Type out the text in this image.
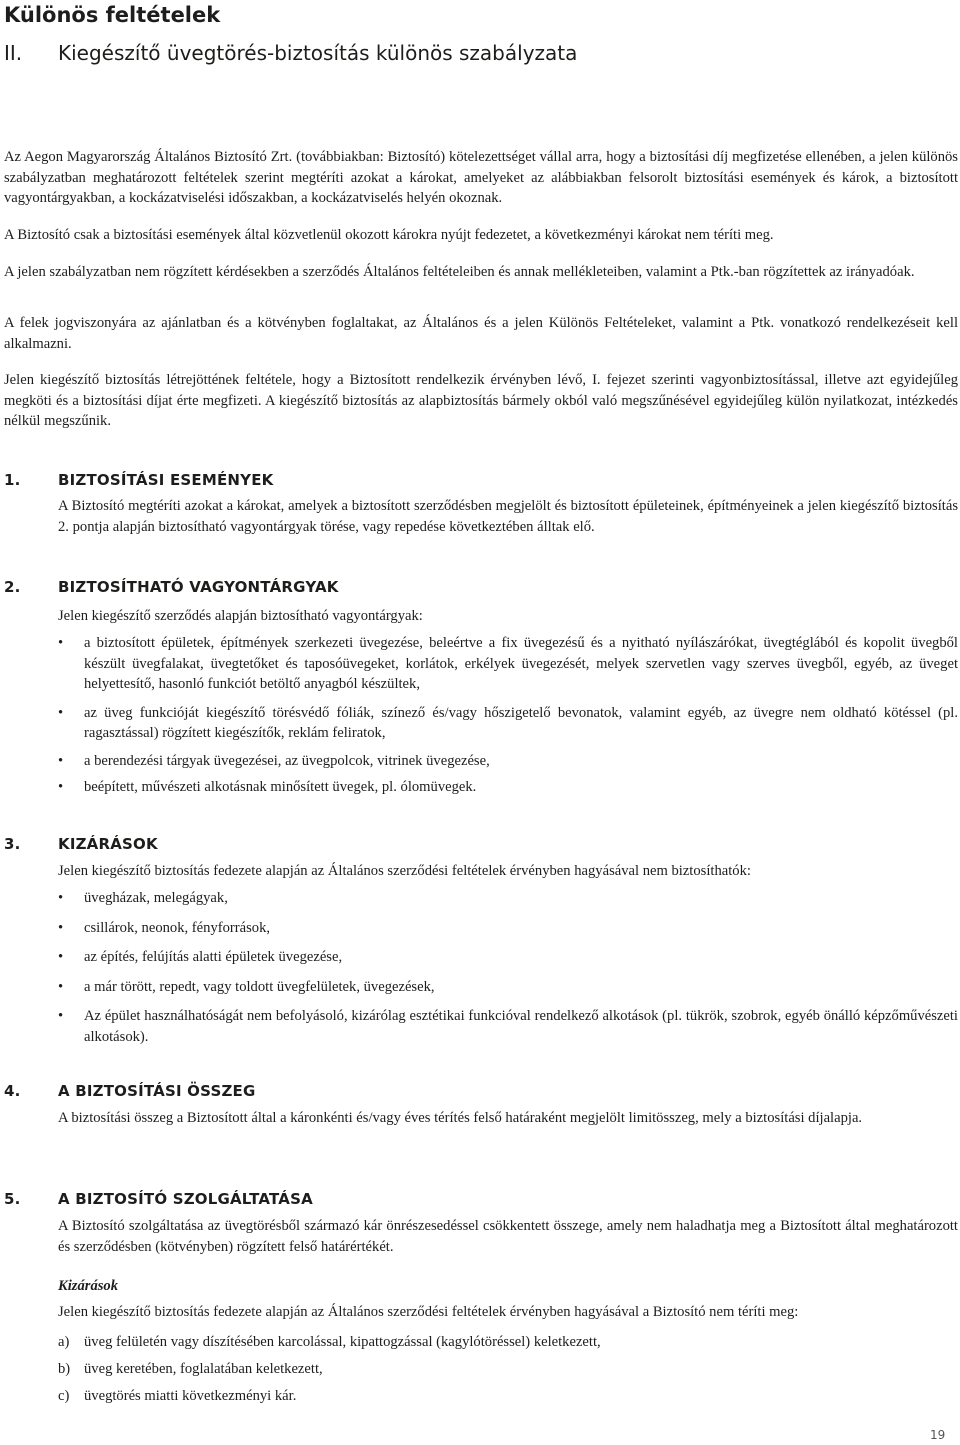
Különös feltételek
II. Kiegészítő üvegtörés-biztosítás különös szabályzata

Az Aegon Magyarország Általános Biztosító Zrt. (továbbiakban: Biztosító) kötelezettséget vállal arra, hogy a biztosítási díj megfizetése ellenében, a jelen különös szabályzatban meghatározott feltételek szerint megtéríti azokat a károkat, amelyeket az alábbiakban felsorolt biztosítási események és károk, a biztosított vagyontárgyakban, a kockázatviselési időszakban, a kockázatviselés helyén okoznak.

A Biztosító csak a biztosítási események által közvetlenül okozott károkra nyújt fedezetet, a következményi károkat nem téríti meg.

A jelen szabályzatban nem rögzített kérdésekben a szerződés Általános feltételeiben és annak mellékleteiben, valamint a Ptk.-ban rögzítettek az irányadóak.

A felek jogviszonyára az ajánlatban és a kötvényben foglaltakat, az Általános és a jelen Különös Feltételeket, valamint a Ptk. vonatkozó rendelkezéseit kell alkalmazni.

Jelen kiegészítő biztosítás létrejöttének feltétele, hogy a Biztosított rendelkezik érvényben lévő, I. fejezet szerinti vagyonbiztosítással, illetve azt egyidejűleg megköti és a biztosítási díjat érte megfizeti. A kiegészítő biztosítás az alapbiztosítás bármely okból való megszűnésével egyidejűleg külön nyilatkozat, intézkedés nélkül megszűnik.

1. BIZTOSÍTÁSI ESEMÉNYEK

A Biztosító megtéríti azokat a károkat, amelyek a biztosított szerződésben megjelölt és biztosított épületeinek, építményeinek a jelen kiegészítő biztosítás 2. pontja alapján biztosítható vagyontárgyak törése, vagy repedése következtében álltak elő.

2. BIZTOSÍTHATÓ VAGYONTÁRGYAK

Jelen kiegészítő szerződés alapján biztosítható vagyontárgyak:

• a biztosított épületek, építmények szerkezeti üvegezése, beleértve a fix üvegezésű és a nyitható nyílászárókat, üvegtéglából és kopolit üvegből készült üvegfalakat, üvegtetőket és taposóüvegeket, korlátok, erkélyek üvegezését, melyek szervetlen vagy szerves üvegből, egyéb, az üveget helyettesítő, hasonló funkciót betöltő anyagból készültek,
• az üveg funkcióját kiegészítő törésvédő fóliák, színező és/vagy hőszigetelő bevonatok, valamint egyéb, az üvegre nem oldható kötéssel (pl. ragasztással) rögzített kiegészítők, reklám feliratok,
• a berendezési tárgyak üvegezései, az üvegpolcok, vitrinek üvegezése,
• beépített, művészeti alkotásnak minősített üvegek, pl. ólomüvegek.
3. KIZÁRÁSOK

Jelen kiegészítő biztosítás fedezete alapján az Általános szerződési feltételek érvényben hagyásával nem biztosíthatók:

• üvegházak, melegágyak,
• csillárok, neonok, fényforrások,
• az építés, felújítás alatti épületek üvegezése,
• a már törött, repedt, vagy toldott üvegfelületek, üvegezések,
• Az épület használhatóságát nem befolyásoló, kizárólag esztétikai funkcióval rendelkező alkotások (pl. tükrök, szobrok, egyéb önálló képzőművészeti alkotások).
4. A BIZTOSÍTÁSI ÖSSZEG

A biztosítási összeg a Biztosított által a káronkénti és/vagy éves térítés felső határaként megjelölt limitösszeg, mely a biztosítási díjalapja.

5. A BIZTOSÍTÓ SZOLGÁLTATÁSA

A Biztosító szolgáltatása az üvegtörésből származó kár önrészesedéssel csökkentett összege, amely nem haladhatja meg a Biztosított által meghatározott és szerződésben (kötvényben) rögzített felső határértékét.

Kizárások

Jelen kiegészítő biztosítás fedezete alapján az Általános szerződési feltételek érvényben hagyásával a Biztosító nem téríti meg:

a) üveg felületén vagy díszítésében karcolással, kipattogzással (kagylótöréssel) keletkezett,
b) üveg keretében, foglalatában keletkezett,
c) üvegtörés miatti következményi kár.
19
